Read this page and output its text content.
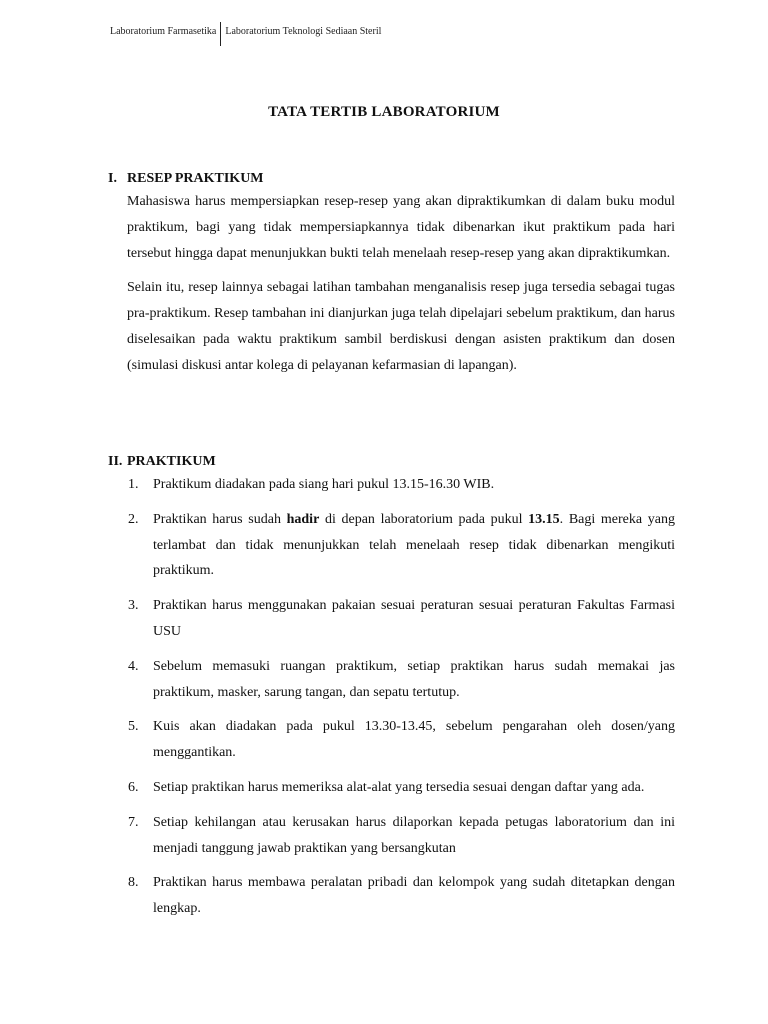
Laboratorium Farmasetika Laboratorium Teknologi Sediaan Steril
TATA TERTIB LABORATORIUM
I. RESEP PRAKTIKUM
Mahasiswa harus mempersiapkan resep-resep yang akan dipraktikumkan di dalam buku modul praktikum, bagi yang tidak mempersiapkannya tidak dibenarkan ikut praktikum pada hari tersebut hingga dapat menunjukkan bukti telah menelaah resep-resep yang akan dipraktikumkan.
Selain itu, resep lainnya sebagai latihan tambahan menganalisis resep juga tersedia sebagai tugas pra-praktikum. Resep tambahan ini dianjurkan juga telah dipelajari sebelum praktikum, dan harus diselesaikan pada waktu praktikum sambil berdiskusi dengan asisten praktikum dan dosen (simulasi diskusi antar kolega di pelayanan kefarmasian di lapangan).
II. PRAKTIKUM
1. Praktikum diadakan pada siang hari pukul 13.15-16.30 WIB.
2. Praktikan harus sudah hadir di depan laboratorium pada pukul 13.15. Bagi mereka yang terlambat dan tidak menunjukkan telah menelaah resep tidak dibenarkan mengikuti praktikum.
3. Praktikan harus menggunakan pakaian sesuai peraturan sesuai peraturan Fakultas Farmasi USU
4. Sebelum memasuki ruangan praktikum, setiap praktikan harus sudah memakai jas praktikum, masker, sarung tangan, dan sepatu tertutup.
5. Kuis akan diadakan pada pukul 13.30-13.45, sebelum pengarahan oleh dosen/yang menggantikan.
6. Setiap praktikan harus memeriksa alat-alat yang tersedia sesuai dengan daftar yang ada.
7. Setiap kehilangan atau kerusakan harus dilaporkan kepada petugas laboratorium dan ini menjadi tanggung jawab praktikan yang bersangkutan
8. Praktikan harus membawa peralatan pribadi dan kelompok yang sudah ditetapkan dengan lengkap.
